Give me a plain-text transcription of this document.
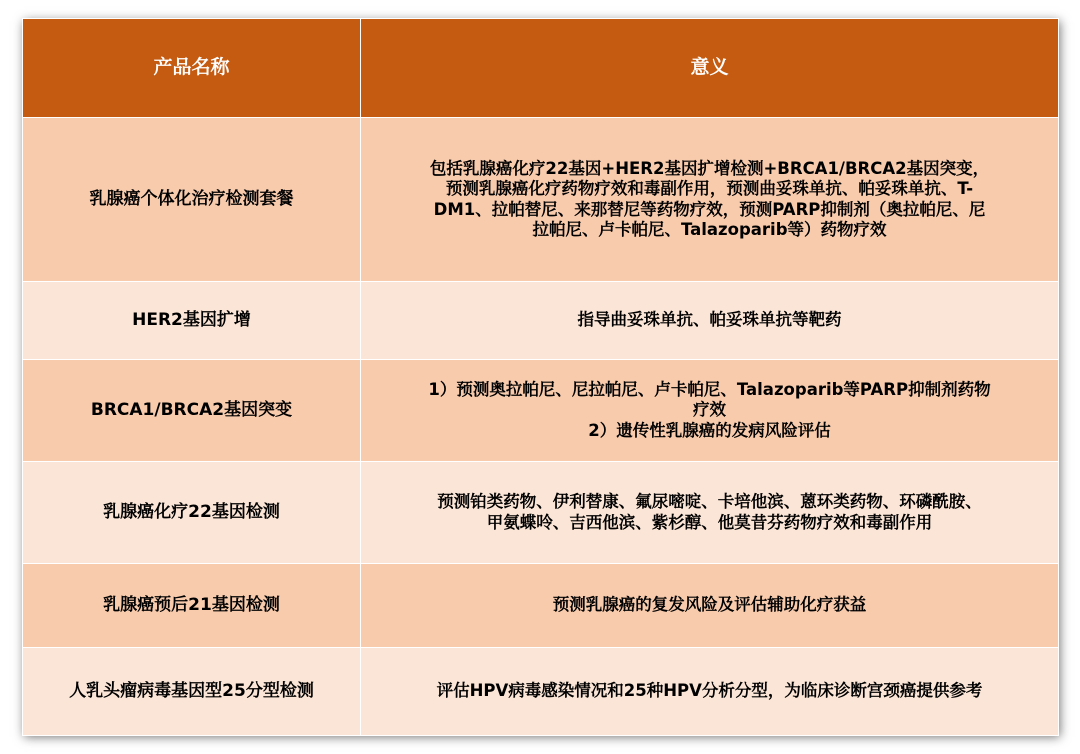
产品名称	意义
乳腺癌个体化治疗检测套餐	包括乳腺癌化疗22基因+HER2基因扩增检测+BRCA1/BRCA2基因突变，
预测乳腺癌化疗药物疗效和毒副作用，预测曲妥珠单抗、帕妥珠单抗、T-
DM1、拉帕替尼、来那替尼等药物疗效，预测PARP抑制剂（奥拉帕尼、尼
拉帕尼、卢卡帕尼、Talazoparib等）药物疗效

HER2基因扩增	指导曲妥珠单抗、帕妥珠单抗等靶药

BRCA1/BRCA2基因突变	1）预测奥拉帕尼、尼拉帕尼、卢卡帕尼、Talazoparib等PARP抑制剂药物
疗效
2）遗传性乳腺癌的发病风险评估

乳腺癌化疗22基因检测	预测铂类药物、伊利替康、氟尿嘧啶、卡培他滨、蒽环类药物、环磷酰胺、
甲氨蝶呤、吉西他滨、紫杉醇、他莫昔芬药物疗效和毒副作用

乳腺癌预后21基因检测	预测乳腺癌的复发风险及评估辅助化疗获益

人乳头瘤病毒基因型25分型检测	评估HPV病毒感染情况和25种HPV分析分型，为临床诊断宫颈癌提供参考
